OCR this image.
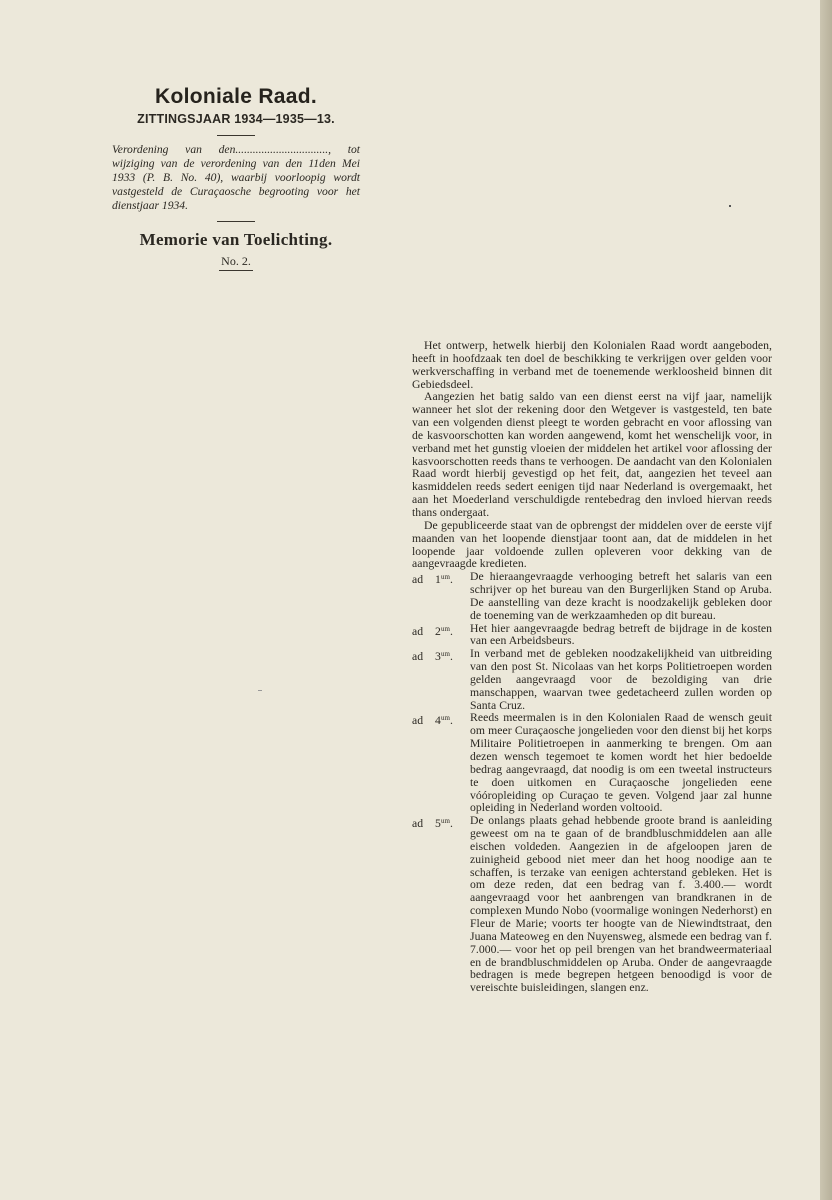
Koloniale Raad.
ZITTINGSJAAR 1934—1935—13.
Verordening van den................................, tot wijziging van de verordening van den 11den Mei 1933 (P. B. No. 40), waarbij voorloopig wordt vastgesteld de Curaçaosche begrooting voor het dienstjaar 1934.
Memorie van Toelichting.
No. 2.

Het ontwerp, hetwelk hierbij den Kolonialen Raad wordt aangeboden, heeft in hoofdzaak ten doel de beschikking te verkrijgen over gelden voor werkverschaffing in verband met de toenemende werkloosheid binnen dit Gebiedsdeel.

Aangezien het batig saldo van een dienst eerst na vijf jaar, namelijk wanneer het slot der rekening door den Wetgever is vastgesteld, ten bate van een volgenden dienst pleegt te worden gebracht en voor aflossing van de kasvoorschotten kan worden aangewend, komt het wenschelijk voor, in verband met het gunstig vloeien der middelen het artikel voor aflossing der kasvoorschotten reeds thans te verhoogen. De aandacht van den Kolonialen Raad wordt hierbij gevestigd op het feit, dat, aangezien het teveel aan kasmiddelen reeds sedert eenigen tijd naar Nederland is overgemaakt, het aan het Moederland verschuldigde rentebedrag den invloed hiervan reeds thans ondergaat.

De gepubliceerde staat van de opbrengst der middelen over de eerste vijf maanden van het loopende dienstjaar toont aan, dat de middelen in het loopende jaar voldoende zullen opleveren voor dekking van de aangevraagde kredieten.

ad $1^{um}$.	De hieraangevraagde verhooging betreft het salaris van een schrijver op het bureau van den Burgerlijken Stand op Aruba. De aanstelling van deze kracht is noodzakelijk gebleken door de toeneming van de werkzaamheden op dit bureau.
ad $2^{um}$.	Het hier aangevraagde bedrag betreft de bijdrage in de kosten van een Arbeidsbeurs.
ad $3^{um}$.	In verband met de gebleken noodzakelijkheid van uitbreiding van den post St. Nicolaas van het korps Politietroepen worden gelden aangevraagd voor de bezoldiging van drie manschappen, waarvan twee gedetacheerd zullen worden op Santa Cruz.
ad $4^{um}$.	Reeds meermalen is in den Kolonialen Raad de wensch geuit om meer Curaçaosche jongelieden voor den dienst bij het korps Militaire Politietroepen in aanmerking te brengen. Om aan dezen wensch tegemoet te komen wordt het hier bedoelde bedrag aangevraagd, dat noodig is om een tweetal instructeurs te doen uitkomen en Curaçaosche jongelieden eene vóóropleiding op Curaçao te geven. Volgend jaar zal hunne opleiding in Nederland worden voltooid.
ad $5^{um}$.	De onlangs plaats gehad hebbende groote brand is aanleiding geweest om na te gaan of de brandbluschmiddelen aan alle eischen voldeden. Aangezien in de afgeloopen jaren de zuinigheid gebood niet meer dan het hoog noodige aan te schaffen, is terzake van eenigen achterstand gebleken. Het is om deze reden, dat een bedrag van f. 3.400.— wordt aangevraagd voor het aanbrengen van brandkranen in de complexen Mundo Nobo (voormalige woningen Nederhorst) en Fleur de Marie; voorts ter hoogte van de Niewindtstraat, den Juana Mateoweg en den Nuyensweg, alsmede een bedrag van f. 7.000.— voor het op peil brengen van het brandweermateriaal en de brandbluschmiddelen op Aruba. Onder de aangevraagde bedragen is mede begrepen hetgeen benoodigd is voor de vereischte buisleidingen, slangen enz.
